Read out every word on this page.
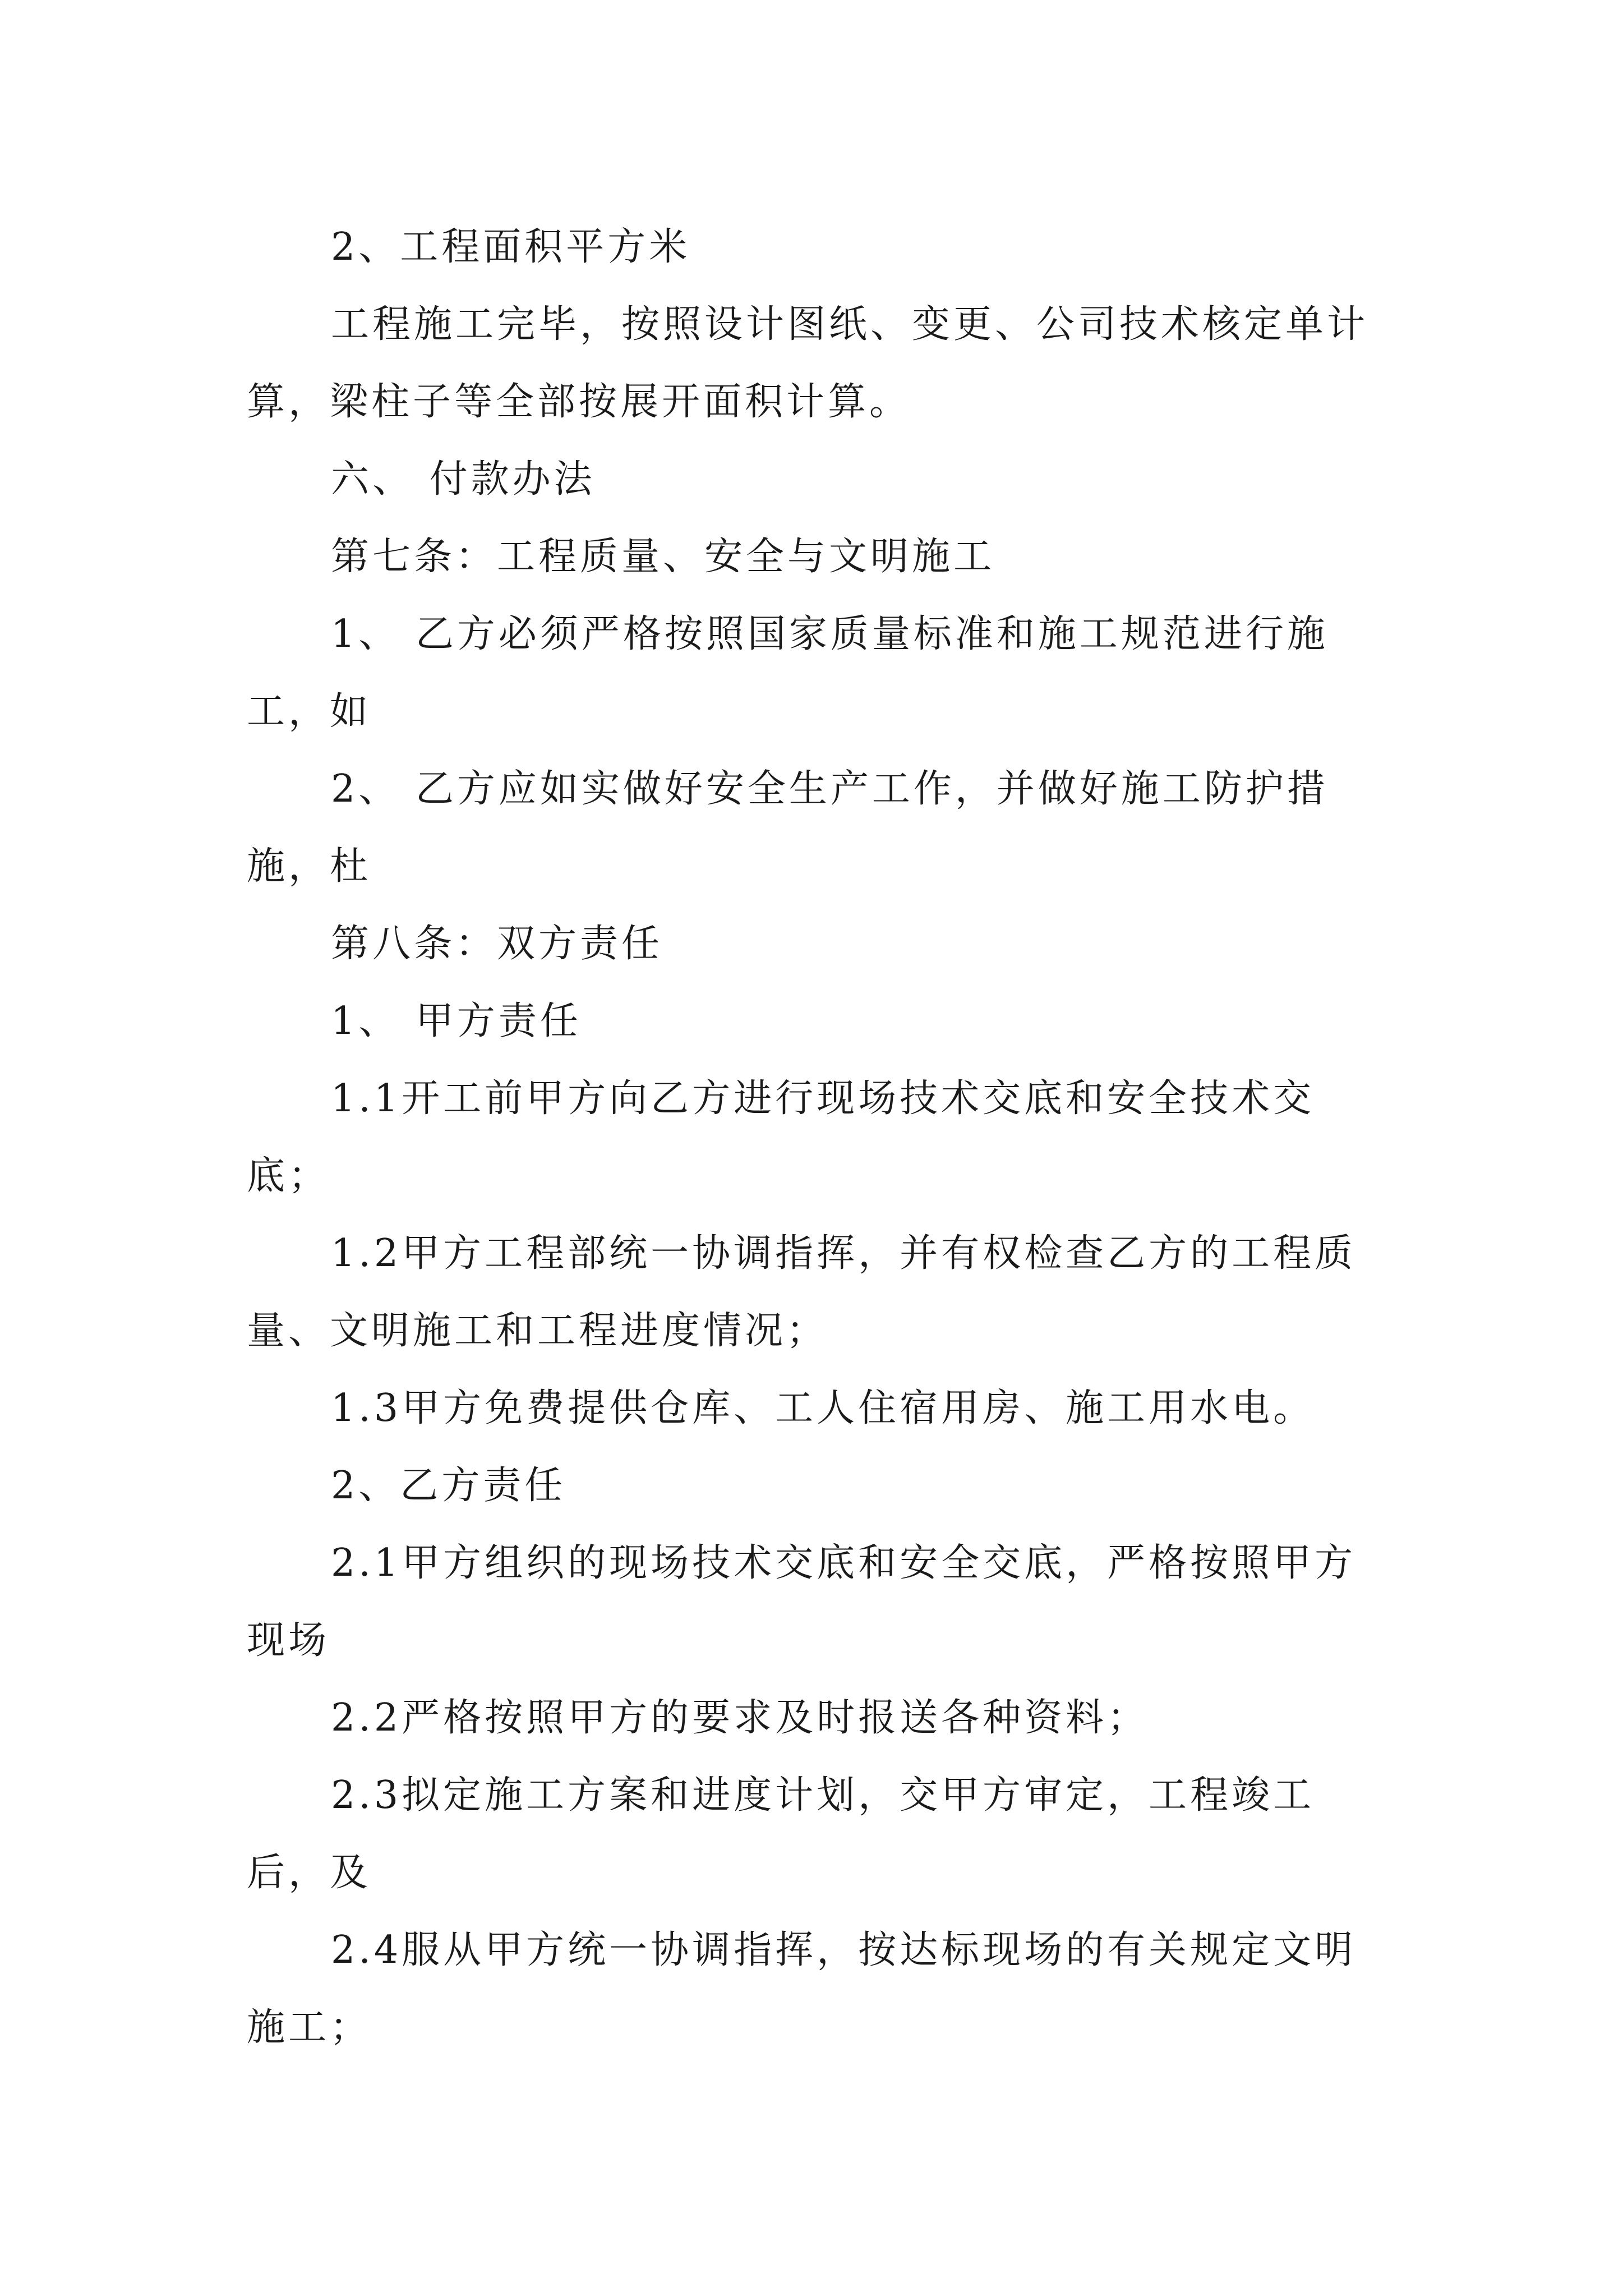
2、工程面积平方米

工程施工完毕，按照设计图纸、变更、公司技术核定单计算，梁柱子等全部按展开面积计算。

六、 付款办法

第七条：工程质量、安全与文明施工

1、 乙方必须严格按照国家质量标准和施工规范进行施工，如

2、 乙方应如实做好安全生产工作，并做好施工防护措施，杜

第八条：双方责任

1、 甲方责任

1.1开工前甲方向乙方进行现场技术交底和安全技术交底；

1.2甲方工程部统一协调指挥，并有权检查乙方的工程质量、文明施工和工程进度情况；

1.3甲方免费提供仓库、工人住宿用房、施工用水电。

2、乙方责任

2.1甲方组织的现场技术交底和安全交底，严格按照甲方现场

2.2严格按照甲方的要求及时报送各种资料；

2.3拟定施工方案和进度计划，交甲方审定，工程竣工后，及

2.4服从甲方统一协调指挥，按达标现场的有关规定文明施工；
